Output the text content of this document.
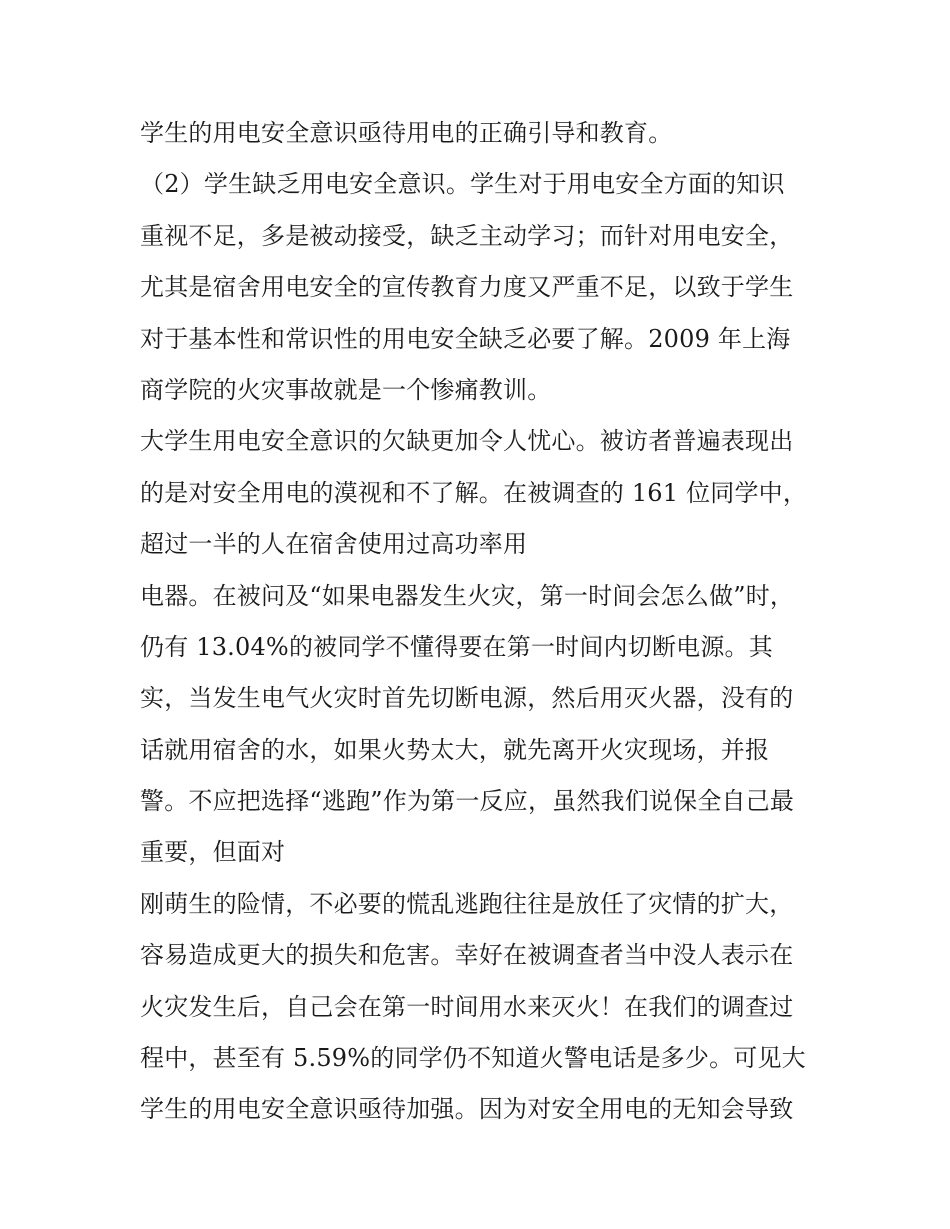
学生的用电安全意识亟待用电的正确引导和教育。
（2）学生缺乏用电安全意识。学生对于用电安全方面的知识
重视不足，多是被动接受，缺乏主动学习；而针对用电安全，
尤其是宿舍用电安全的宣传教育力度又严重不足，以致于学生
对于基本性和常识性的用电安全缺乏必要了解。2009 年上海
商学院的火灾事故就是一个惨痛教训。
大学生用电安全意识的欠缺更加令人忧心。被访者普遍表现出
的是对安全用电的漠视和不了解。在被调查的 161 位同学中，
超过一半的人在宿舍使用过高功率用
电器。在被问及“如果电器发生火灾，第一时间会怎么做”时，
仍有 13.04%的被同学不懂得要在第一时间内切断电源。其
实，当发生电气火灾时首先切断电源，然后用灭火器，没有的
话就用宿舍的水，如果火势太大，就先离开火灾现场，并报
警。不应把选择“逃跑”作为第一反应，虽然我们说保全自己最
重要，但面对
刚萌生的险情，不必要的慌乱逃跑往往是放任了灾情的扩大，
容易造成更大的损失和危害。幸好在被调查者当中没人表示在
火灾发生后，自己会在第一时间用水来灭火！在我们的调查过
程中，甚至有 5.59%的同学仍不知道火警电话是多少。可见大
学生的用电安全意识亟待加强。因为对安全用电的无知会导致
